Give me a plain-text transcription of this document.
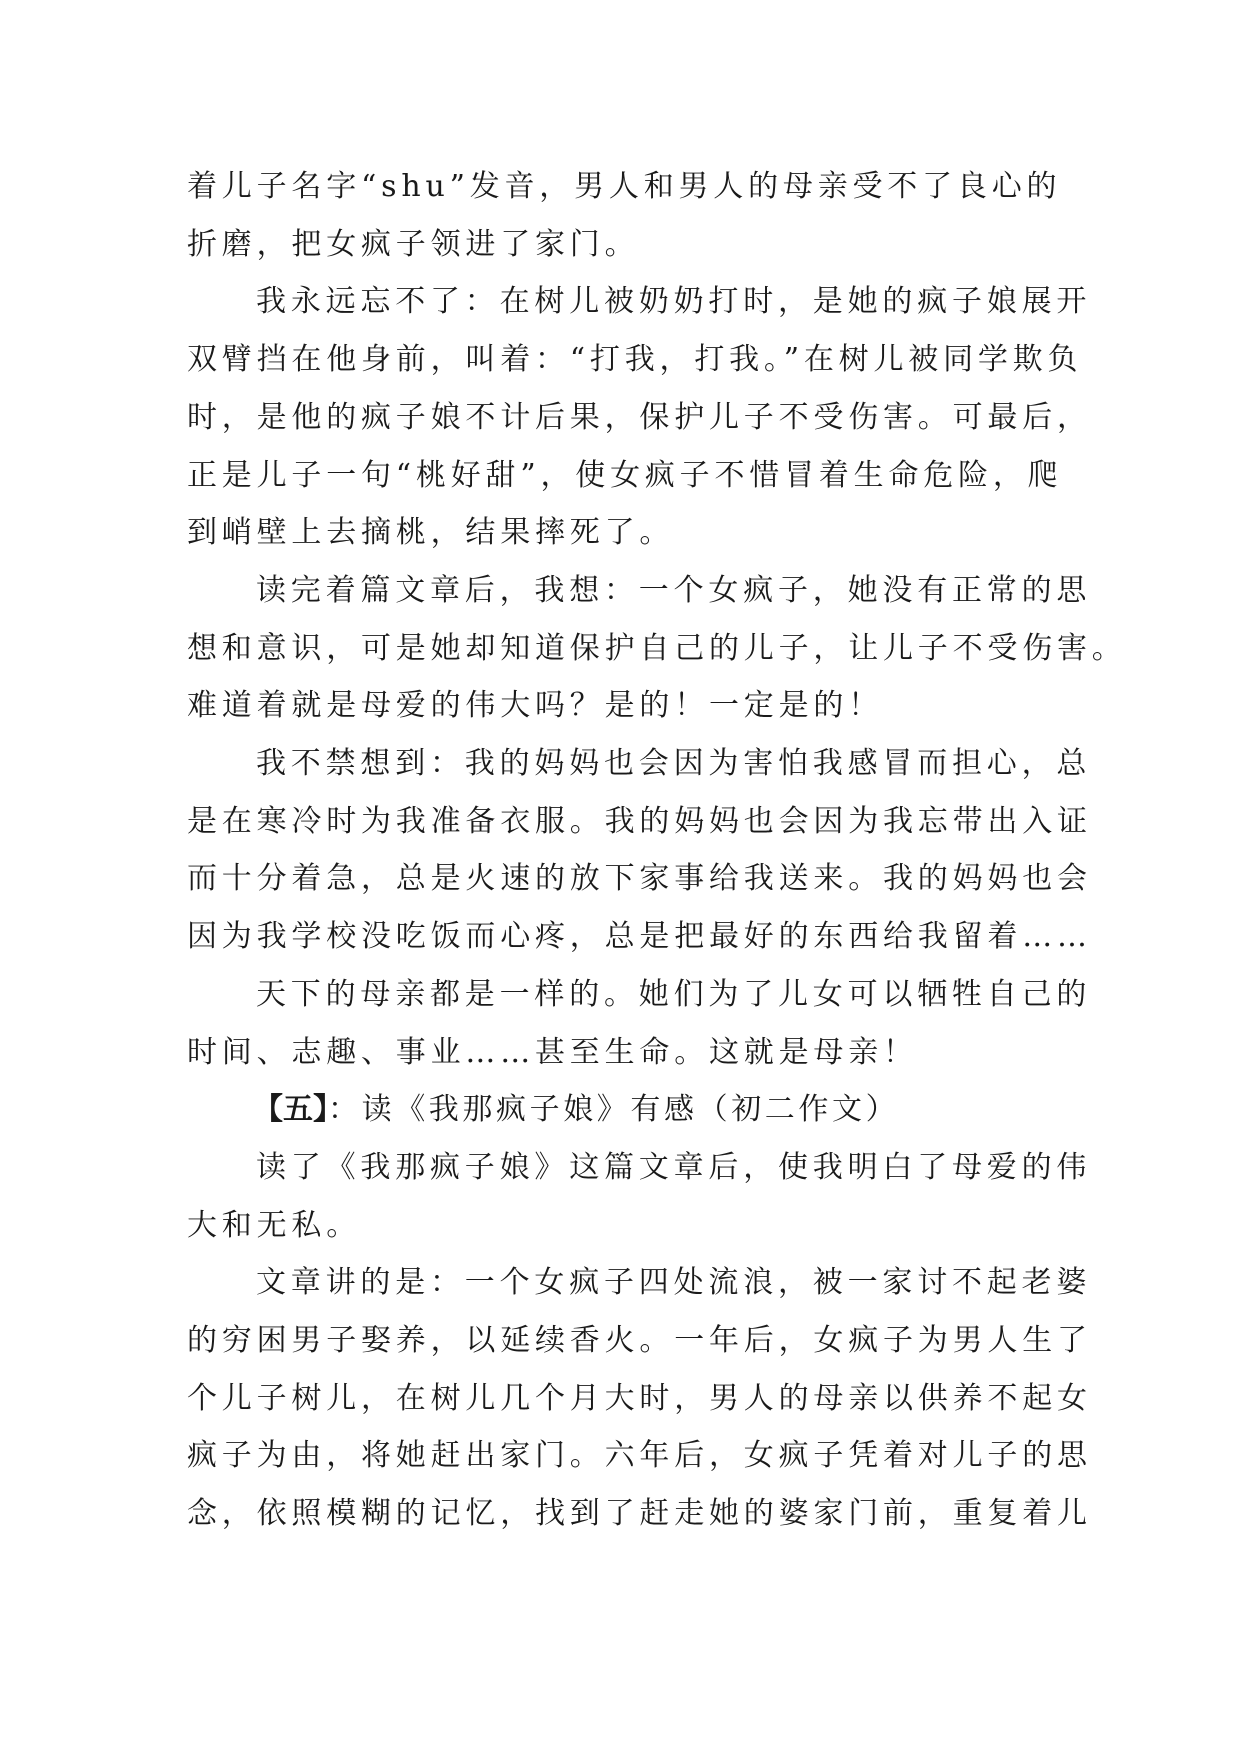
着儿子名字“shu”发音，男人和男人的母亲受不了良心的
折磨，把女疯子领进了家门。
我永远忘不了：在树儿被奶奶打时，是她的疯子娘展开
双臂挡在他身前，叫着：“打我，打我。”在树儿被同学欺负
时，是他的疯子娘不计后果，保护儿子不受伤害。可最后，
正是儿子一句“桃好甜”，使女疯子不惜冒着生命危险，爬
到峭壁上去摘桃，结果摔死了。
读完着篇文章后，我想：一个女疯子，她没有正常的思
想和意识，可是她却知道保护自己的儿子，让儿子不受伤害。
难道着就是母爱的伟大吗？是的！一定是的！
我不禁想到：我的妈妈也会因为害怕我感冒而担心，总
是在寒冷时为我准备衣服。我的妈妈也会因为我忘带出入证
而十分着急，总是火速的放下家事给我送来。我的妈妈也会
因为我学校没吃饭而心疼，总是把最好的东西给我留着……
天下的母亲都是一样的。她们为了儿女可以牺牲自己的
时间、志趣、事业……甚至生命。这就是母亲！
【五】：读《我那疯子娘》有感（初二作文）
读了《我那疯子娘》这篇文章后，使我明白了母爱的伟
大和无私。
文章讲的是：一个女疯子四处流浪，被一家讨不起老婆
的穷困男子娶养，以延续香火。一年后，女疯子为男人生了
个儿子树儿，在树儿几个月大时，男人的母亲以供养不起女
疯子为由，将她赶出家门。六年后，女疯子凭着对儿子的思
念，依照模糊的记忆，找到了赶走她的婆家门前，重复着儿
